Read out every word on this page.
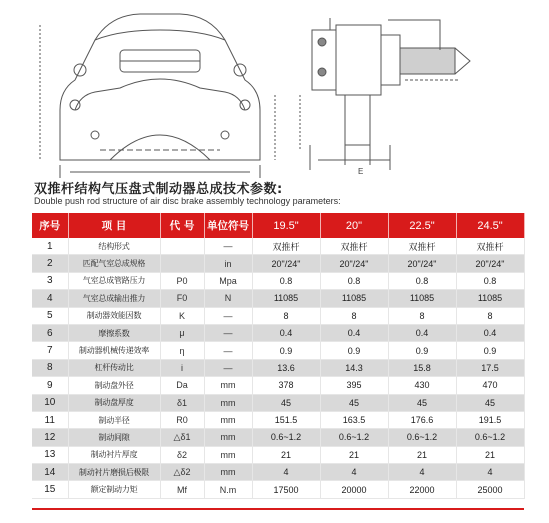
E
双推杆结构气压盘式制动器总成技术参数:
Double push rod structure of air disc brake assembly technology parameters:
序号	项 目	代 号	单位符号	19.5"	20"	22.5"	24.5"
1	结构形式		—	双推杆	双推杆	双推杆	双推杆
2	匹配气室总成规格		in	20"/24"	20"/24"	20"/24"	20"/24"
3	气室总成管路压力	P0	Mpa	0.8	0.8	0.8	0.8
4	气室总成输出推力	F0	N	11085	11085	11085	11085
5	制动器效能因数	K	—	8	8	8	8
6	摩擦系数	μ	—	0.4	0.4	0.4	0.4
7	制动器机械传递效率	η	—	0.9	0.9	0.9	0.9
8	杠杆传动比	i	—	13.6	14.3	15.8	17.5
9	制动盘外径	Da	mm	378	395	430	470
10	制动盘厚度	δ1	mm	45	45	45	45
11	制动半径	R0	mm	151.5	163.5	176.6	191.5
12	制动间隙	△δ1	mm	0.6~1.2	0.6~1.2	0.6~1.2	0.6~1.2
13	制动衬片厚度	δ2	mm	21	21	21	21
14	制动衬片磨损后极限	△δ2	mm	4	4	4	4
15	额定制动力矩	Mf	N.m	17500	20000	22000	25000
